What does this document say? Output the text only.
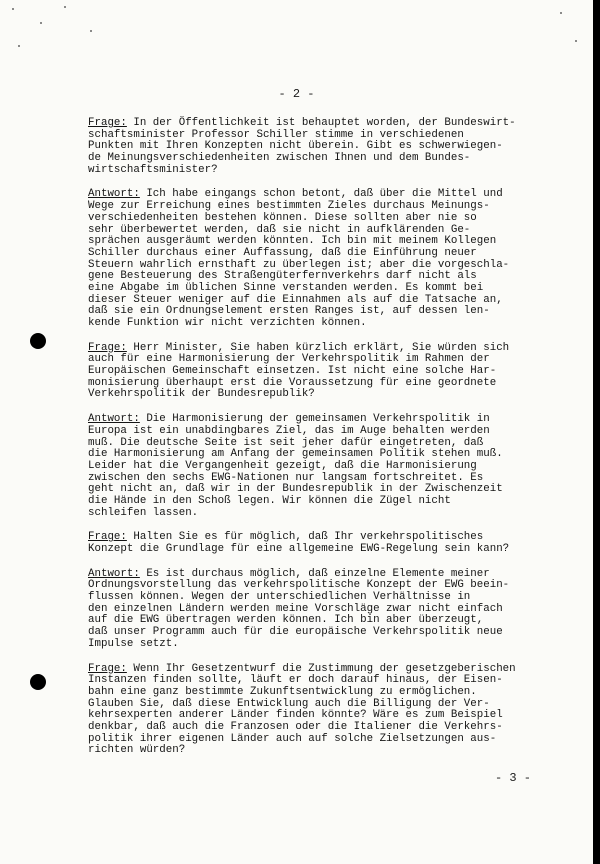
- 2 -
Frage: In der Öffentlichkeit ist behauptet worden, der Bundeswirt-
schaftsminister Professor Schiller stimme in verschiedenen
Punkten mit Ihren Konzepten nicht überein. Gibt es schwerwiegen-
de Meinungsverschiedenheiten zwischen Ihnen und dem Bundes-
wirtschaftsminister?
Antwort: Ich habe eingangs schon betont, daß über die Mittel und
Wege zur Erreichung eines bestimmten Zieles durchaus Meinungs-
verschiedenheiten bestehen können. Diese sollten aber nie so
sehr überbewertet werden, daß sie nicht in aufklärenden Ge-
sprächen ausgeräumt werden könnten. Ich bin mit meinem Kollegen
Schiller durchaus einer Auffassung, daß die Einführung neuer
Steuern wahrlich ernsthaft zu überlegen ist; aber die vorgeschla-
gene Besteuerung des Straßengüterfernverkehrs darf nicht als
eine Abgabe im üblichen Sinne verstanden werden. Es kommt bei
dieser Steuer weniger auf die Einnahmen als auf die Tatsache an,
daß sie ein Ordnungselement ersten Ranges ist, auf dessen len-
kende Funktion wir nicht verzichten können.
Frage: Herr Minister, Sie haben kürzlich erklärt, Sie würden sich
auch für eine Harmonisierung der Verkehrspolitik im Rahmen der
Europäischen Gemeinschaft einsetzen. Ist nicht eine solche Har-
monisierung überhaupt erst die Voraussetzung für eine geordnete
Verkehrspolitik der Bundesrepublik?
Antwort: Die Harmonisierung der gemeinsamen Verkehrspolitik in
Europa ist ein unabdingbares Ziel, das im Auge behalten werden
muß. Die deutsche Seite ist seit jeher dafür eingetreten, daß
die Harmonisierung am Anfang der gemeinsamen Politik stehen muß.
Leider hat die Vergangenheit gezeigt, daß die Harmonisierung
zwischen den sechs EWG-Nationen nur langsam fortschreitet. Es
geht nicht an, daß wir in der Bundesrepublik in der Zwischenzeit
die Hände in den Schoß legen. Wir können die Zügel nicht
schleifen lassen.
Frage: Halten Sie es für möglich, daß Ihr verkehrspolitisches
Konzept die Grundlage für eine allgemeine EWG-Regelung sein kann?
Antwort: Es ist durchaus möglich, daß einzelne Elemente meiner
Ordnungsvorstellung das verkehrspolitische Konzept der EWG beein-
flussen können. Wegen der unterschiedlichen Verhältnisse in
den einzelnen Ländern werden meine Vorschläge zwar nicht einfach
auf die EWG übertragen werden können. Ich bin aber überzeugt,
daß unser Programm auch für die europäische Verkehrspolitik neue
Impulse setzt.
Frage: Wenn Ihr Gesetzentwurf die Zustimmung der gesetzgeberischen
Instanzen finden sollte, läuft er doch darauf hinaus, der Eisen-
bahn eine ganz bestimmte Zukunftsentwicklung zu ermöglichen.
Glauben Sie, daß diese Entwicklung auch die Billigung der Ver-
kehrsexperten anderer Länder finden könnte? Wäre es zum Beispiel
denkbar, daß auch die Franzosen oder die Italiener die Verkehrs-
politik ihrer eigenen Länder auch auf solche Zielsetzungen aus-
richten würden?
- 3 -
